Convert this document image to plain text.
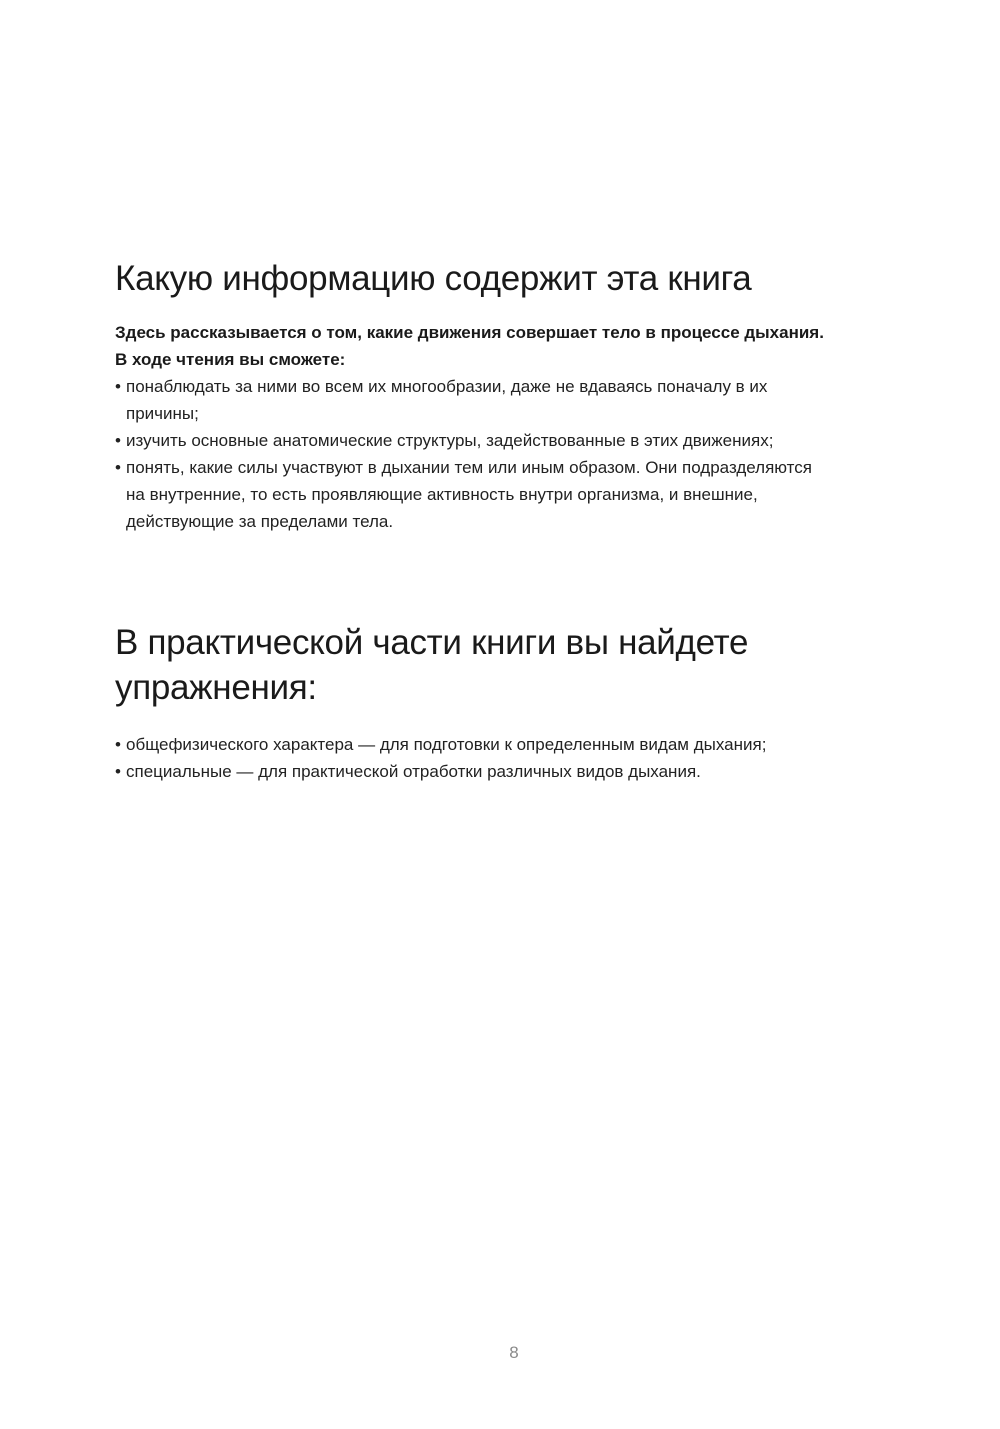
Какую информацию содержит эта книга

Здесь рассказывается о том, какие движения совершает тело в процессе дыхания.
В ходе чтения вы сможете:

• понаблюдать за ними во всем их многообразии, даже не вдаваясь поначалу в их
причины;
• изучить основные анатомические структуры, задействованные в этих движениях;
• понять, какие силы участвуют в дыхании тем или иным образом. Они подразделяются
на внутренние, то есть проявляющие активность внутри организма, и внешние,
действующие за пределами тела.
В практической части книги вы найдете
упражнения:
• общефизического характера — для подготовки к определенным видам дыхания;
• специальные — для практической отработки различных видов дыхания.
8
